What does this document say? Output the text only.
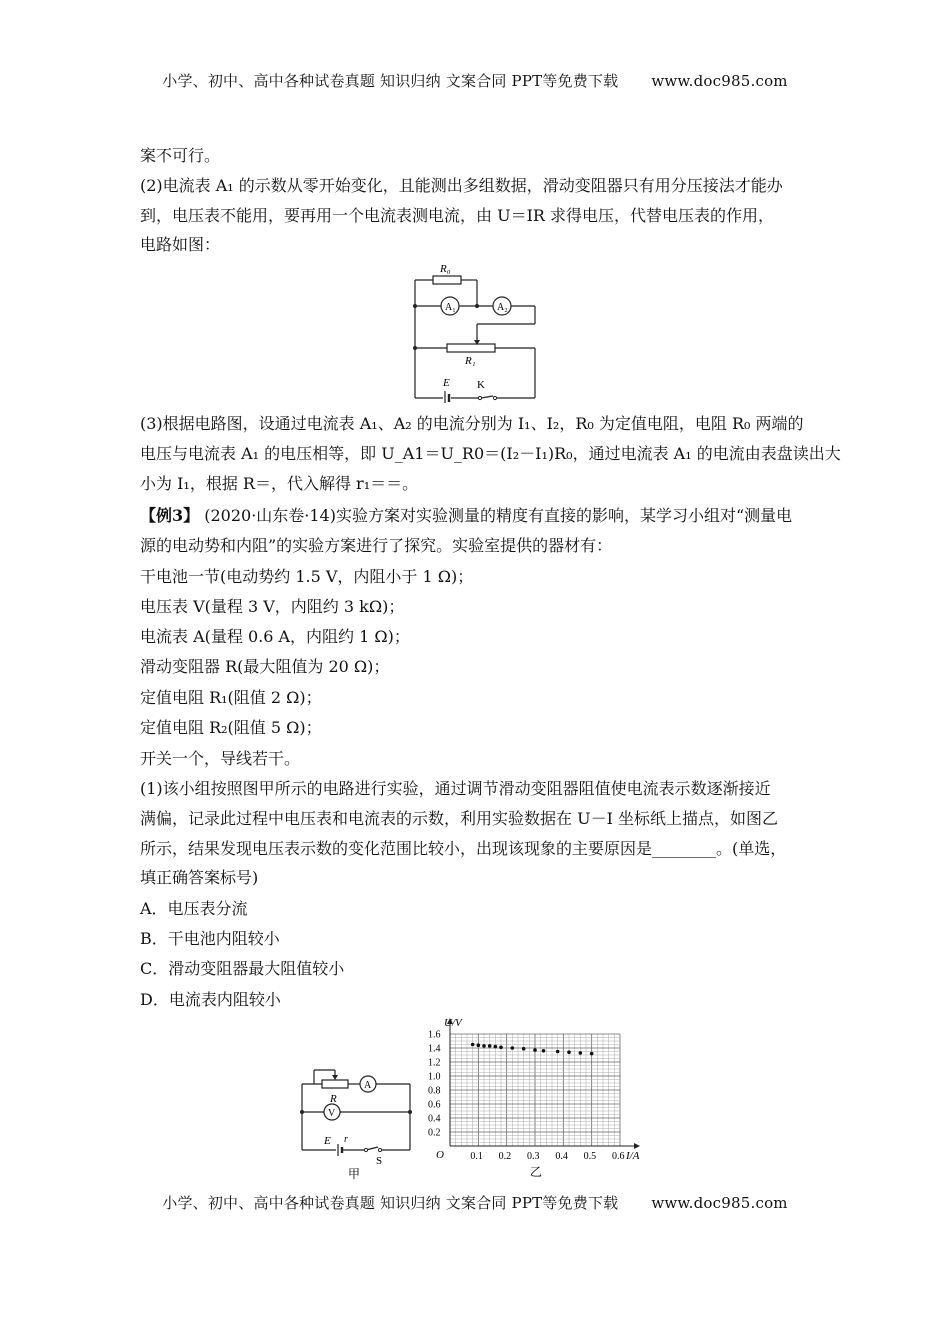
小学、初中、高中各种试卷真题 知识归纳 文案合同 PPT等免费下载 www.doc985.com
案不可行。
(2)电流表 A₁ 的示数从零开始变化，且能测出多组数据，滑动变阻器只有用分压接法才能办
到，电压表不能用，要再用一个电流表测电流，由 U＝IR 求得电压，代替电压表的作用，
电路如图：
R₀
A₁	A₂
R₁
E K
(3)根据电路图，设通过电流表 A₁、A₂ 的电流分别为 I₁、I₂，R₀ 为定值电阻，电阻 R₀ 两端的
电压与电流表 A₁ 的电压相等，即 U_A1＝U_R0＝(I₂－I₁)R₀，通过电流表 A₁ 的电流由表盘读出大
小为 I₁，根据 R＝，代入解得 r₁＝＝。
【例3】 (2020·山东卷·14)实验方案对实验测量的精度有直接的影响，某学习小组对“测量电
源的电动势和内阻”的实验方案进行了探究。实验室提供的器材有：
干电池一节(电动势约 1.5 V，内阻小于 1 Ω)；
电压表 V(量程 3 V，内阻约 3 kΩ)；
电流表 A(量程 0.6 A，内阻约 1 Ω)；
滑动变阻器 R(最大阻值为 20 Ω)；
定值电阻 R₁(阻值 2 Ω)；
定值电阻 R₂(阻值 5 Ω)；
开关一个，导线若干。
(1)该小组按照图甲所示的电路进行实验，通过调节滑动变阻器阻值使电流表示数逐渐接近
满偏，记录此过程中电压表和电流表的示数，利用实验数据在 U－I 坐标纸上描点，如图乙
所示，结果发现电压表示数的变化范围比较小，出现该现象的主要原因是________。(单选，
填正确答案标号)
A．电压表分流
B．干电池内阻较小
C．滑动变阻器最大阻值较小
D．电流表内阻较小
A
V
R
E r
S
甲
0.1 0.2 0.3 0.4 0.5 0.6
0.2
0.4
0.6
0.8
1.0
1.2
1.4
1.6
U/V
I/A
O
乙
小学、初中、高中各种试卷真题 知识归纳 文案合同 PPT等免费下载 www.doc985.com
